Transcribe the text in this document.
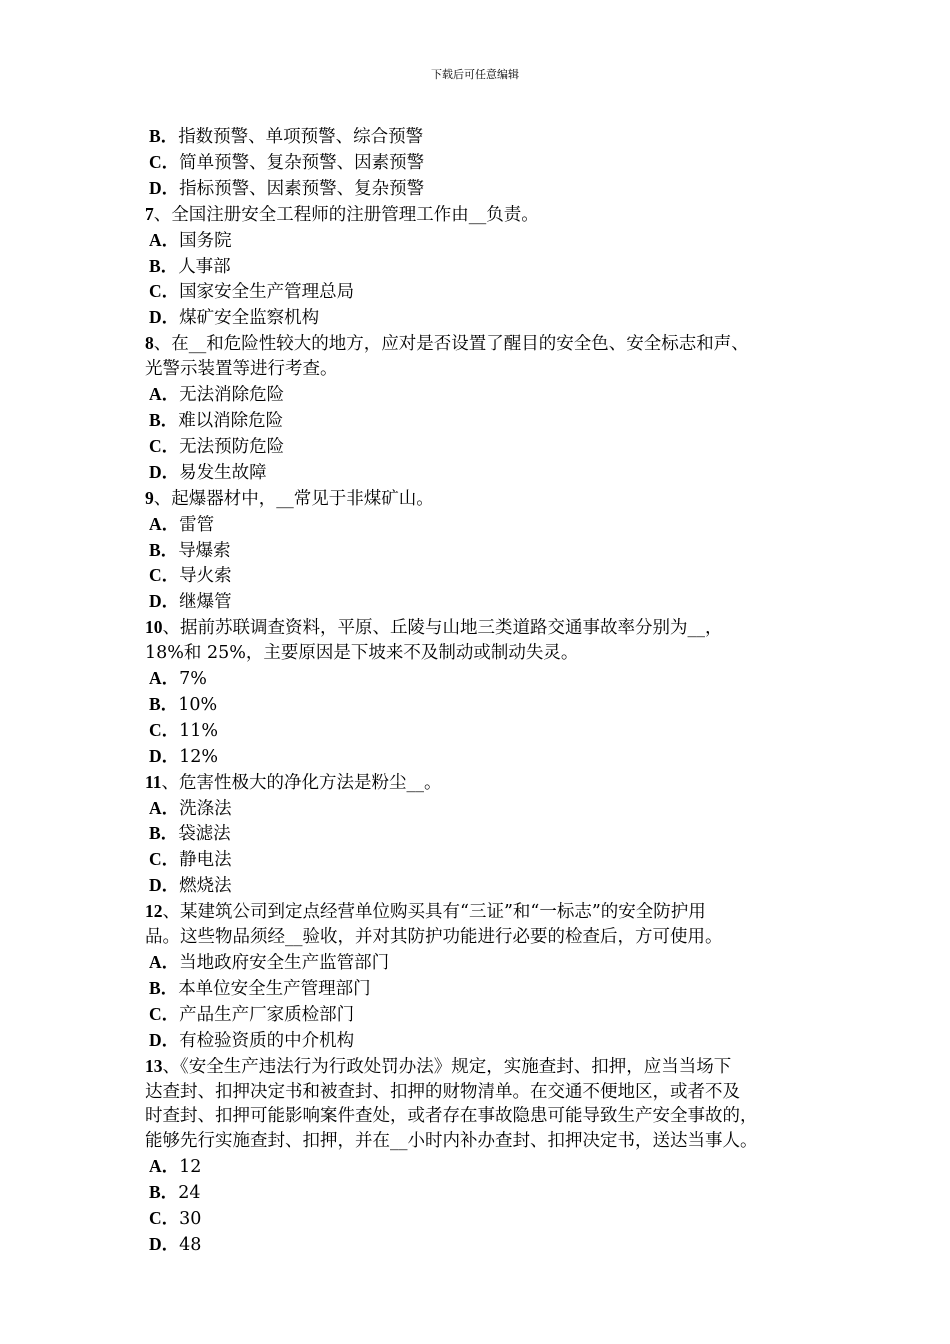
下载后可任意编辑
B．指数预警、单项预警、综合预警
C．简单预警、复杂预警、因素预警
D．指标预警、因素预警、复杂预警
7、全国注册安全工程师的注册管理工作由__负责。
A．国务院
B．人事部
C．国家安全生产管理总局
D．煤矿安全监察机构
8、在__和危险性较大的地方，应对是否设置了醒目的安全色、安全标志和声、
光警示装置等进行考查。
A．无法消除危险
B．难以消除危险
C．无法预防危险
D．易发生故障
9、起爆器材中，__常见于非煤矿山。
A．雷管
B．导爆索
C．导火索
D．继爆管
10、据前苏联调查资料，平原、丘陵与山地三类道路交通事故率分别为__，
18%和 25%，主要原因是下坡来不及制动或制动失灵。
A．7%
B．10%
C．11%
D．12%
11、危害性极大的净化方法是粉尘__。
A．洗涤法
B．袋滤法
C．静电法
D．燃烧法
12、某建筑公司到定点经营单位购买具有“三证”和“一标志”的安全防护用
品。这些物品须经__验收，并对其防护功能进行必要的检查后，方可使用。
A．当地政府安全生产监管部门
B．本单位安全生产管理部门
C．产品生产厂家质检部门
D．有检验资质的中介机构
13、《安全生产违法行为行政处罚办法》规定，实施查封、扣押，应当当场下
达查封、扣押决定书和被查封、扣押的财物清单。在交通不便地区，或者不及
时查封、扣押可能影响案件查处，或者存在事故隐患可能导致生产安全事故的，
能够先行实施查封、扣押，并在__小时内补办查封、扣押决定书，送达当事人。
A．12
B．24
C．30
D．48
